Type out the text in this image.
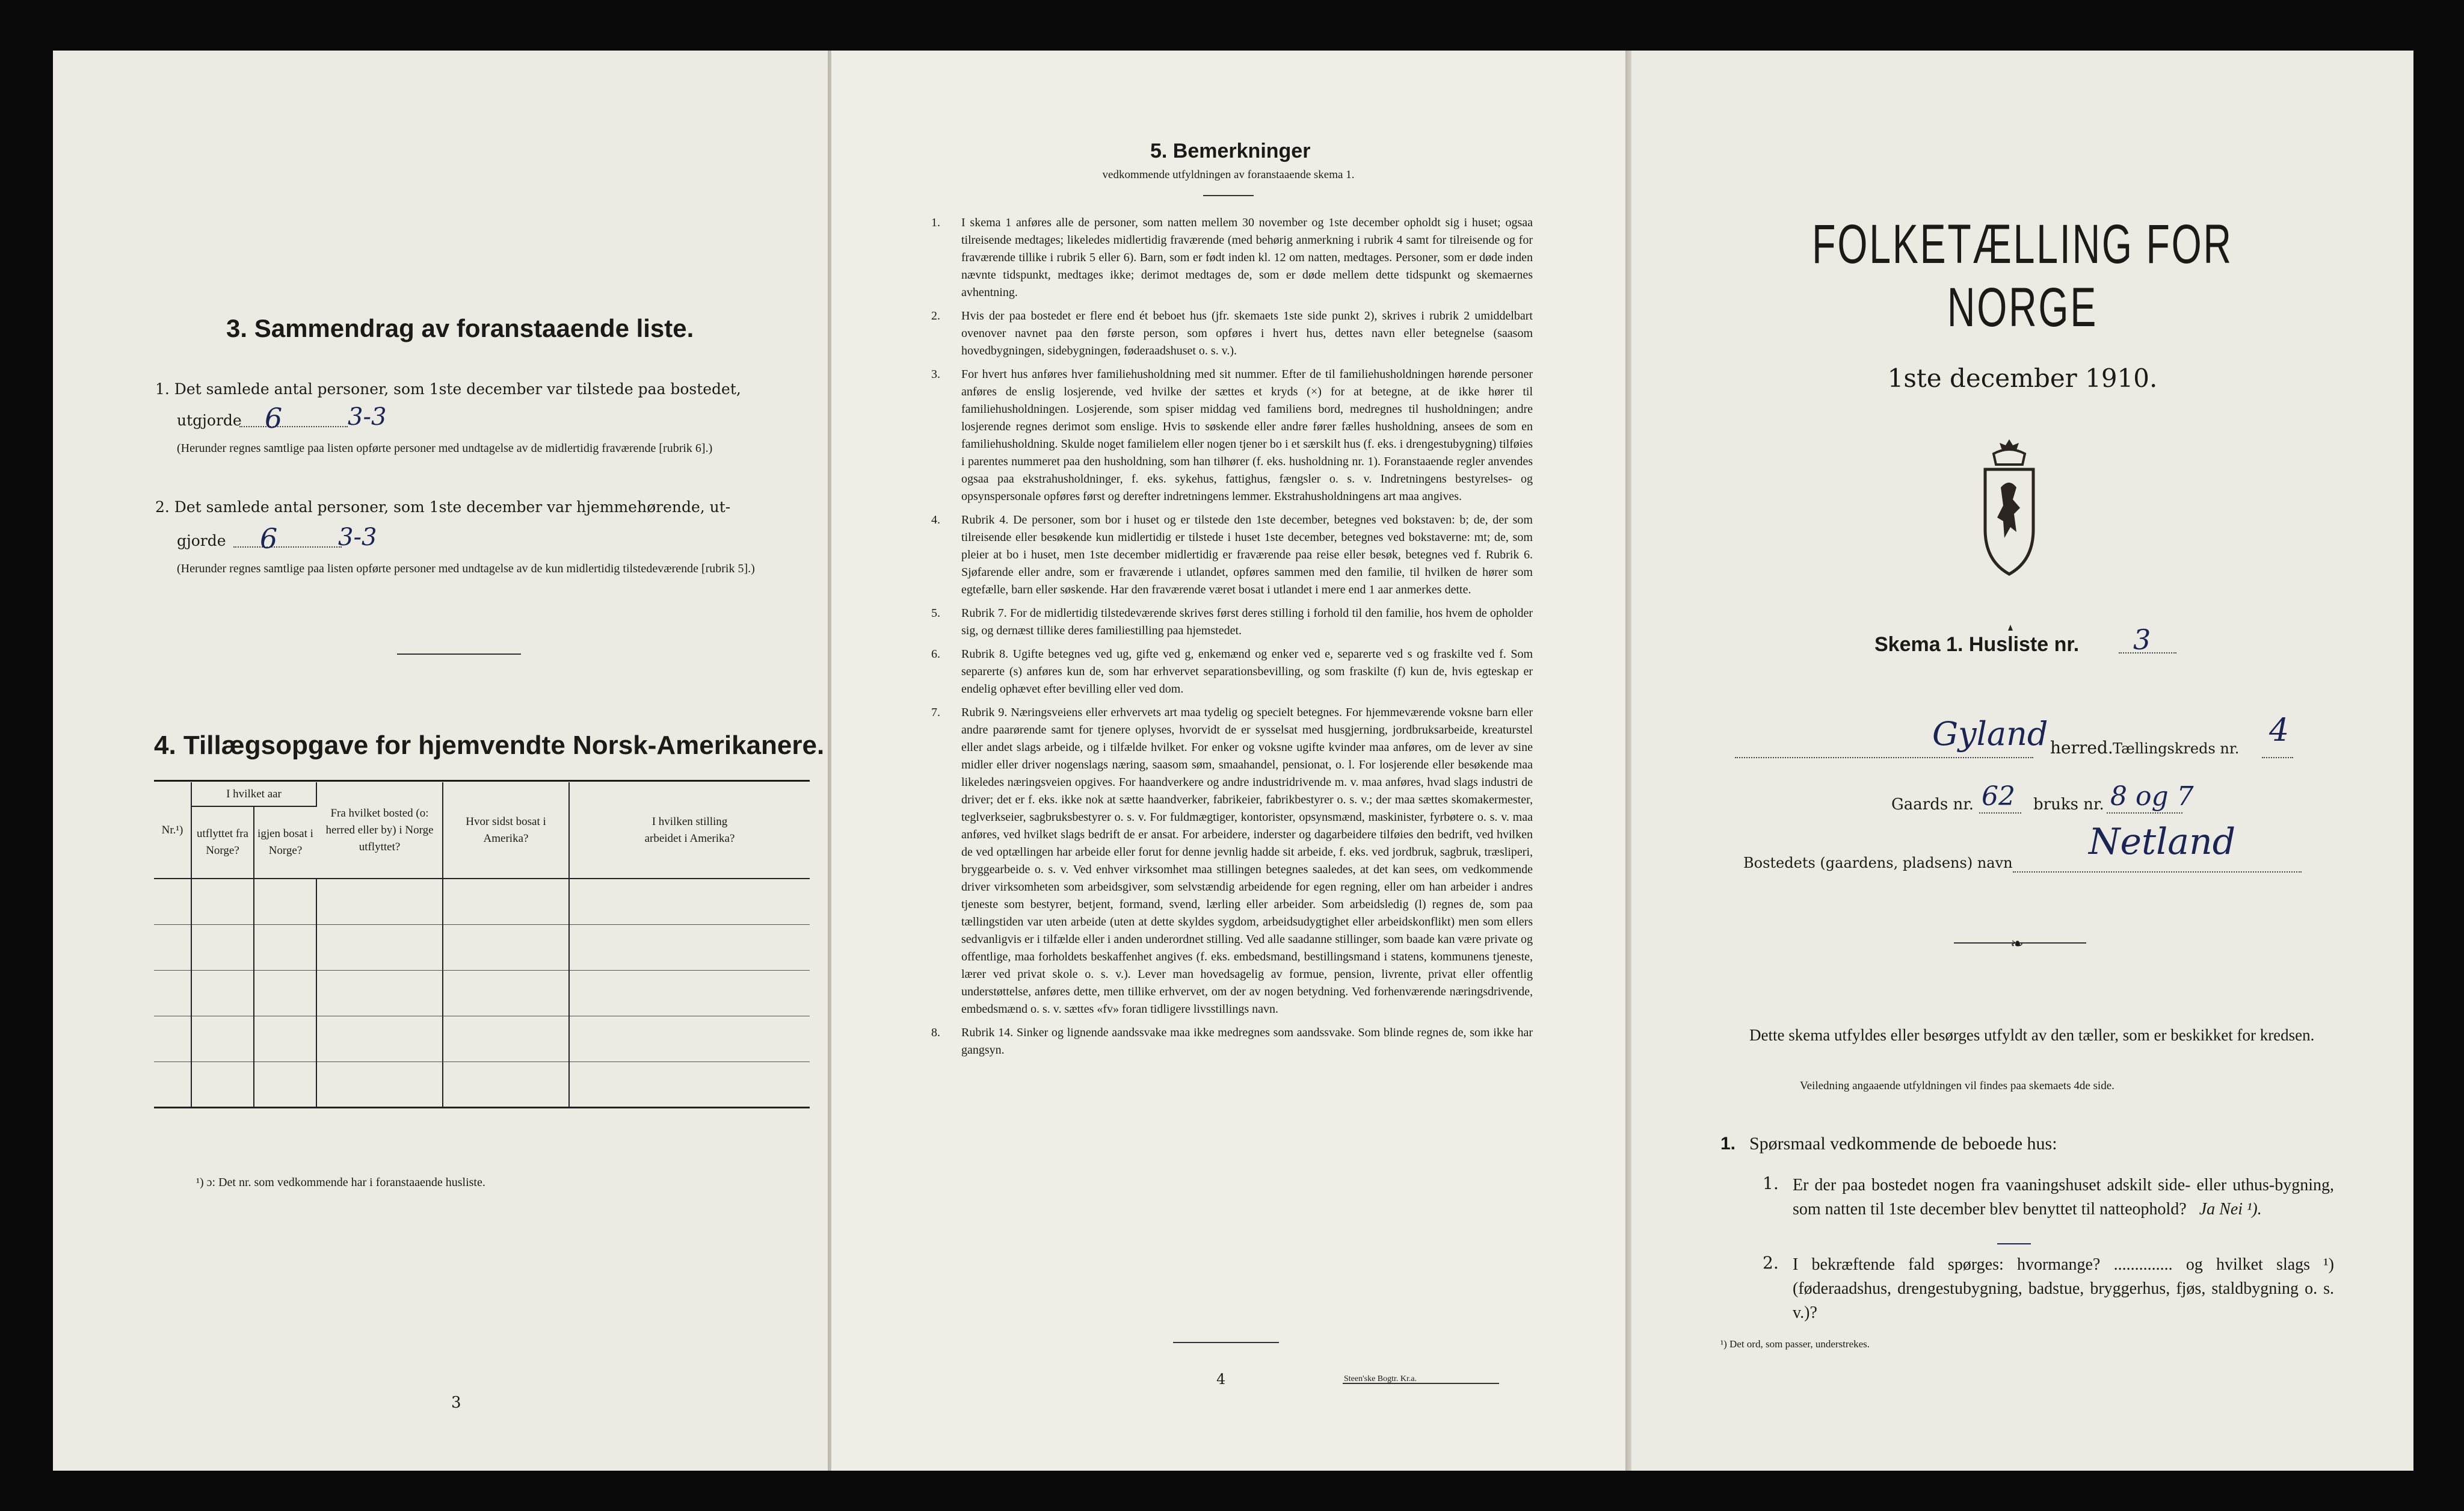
3. Sammendrag av foranstaaende liste.
1. Det samlede antal personer, som 1ste december var tilstede paa bostedet,
utgjorde 6	3-3
(Herunder regnes samtlige paa listen opførte personer med undtagelse av de midlertidig fraværende [rubrik 6].)
2. Det samlede antal personer, som 1ste december var hjemmehørende, ut-
gjorde 6	3-3
(Herunder regnes samtlige paa listen opførte personer med undtagelse av de kun midlertidig tilstedeværende [rubrik 5].)
4. Tillægsopgave for hjemvendte Norsk-Amerikanere.
Nr.¹)	I hvilket aar		Fra hvilket bosted (o: herred eller by) i Norge utflyttet?	Hvor sidst bosat i Amerika?	I hvilken stilling arbeidet i Amerika?
	utflyttet fra Norge?	igjen bosat i Norge?			

¹) ɔ: Det nr. som vedkommende har i foranstaaende husliste.
3
5. Bemerkninger
vedkommende utfyldningen av foranstaaende skema 1.
1. I skema 1 anføres alle de personer, som natten mellem 30 november og 1ste december opholdt sig i huset; ogsaa tilreisende medtages; likeledes midlertidig fraværende (med behørig anmerkning i rubrik 4 samt for tilreisende og for fraværende tillike i rubrik 5 eller 6). Barn, som er født inden kl. 12 om natten, medtages. Personer, som er døde inden nævnte tidspunkt, medtages ikke; derimot medtages de, som er døde mellem dette tidspunkt og skemaernes avhentning.

2. Hvis der paa bostedet er flere end ét beboet hus (jfr. skemaets 1ste side punkt 2), skrives i rubrik 2 umiddelbart ovenover navnet paa den første person, som opføres i hvert hus, dettes navn eller betegnelse (saasom hovedbygningen, sidebygningen, føderaadshuset o. s. v.).

3. For hvert hus anføres hver familiehusholdning med sit nummer. Efter de til familiehusholdningen hørende personer anføres de enslig losjerende, ved hvilke der sættes et kryds (×) for at betegne, at de ikke hører til familiehusholdningen. Losjerende, som spiser middag ved familiens bord, medregnes til husholdningen; andre losjerende regnes derimot som enslige. Hvis to søskende eller andre fører fælles husholdning, ansees de som en familiehusholdning. Skulde noget familielem eller nogen tjener bo i et særskilt hus (f. eks. i drengestubygning) tilføies i parentes nummeret paa den husholdning, som han tilhører (f. eks. husholdning nr. 1). Foranstaaende regler anvendes ogsaa paa ekstrahusholdninger, f. eks. sykehus, fattighus, fængsler o. s. v. Indretningens bestyrelses- og opsynspersonale opføres først og derefter indretningens lemmer. Ekstrahusholdningens art maa angives.

4. Rubrik 4. De personer, som bor i huset og er tilstede den 1ste december, betegnes ved bokstaven: b; de, der som tilreisende eller besøkende kun midlertidig er tilstede i huset 1ste december, betegnes ved bokstaverne: mt; de, som pleier at bo i huset, men 1ste december midlertidig er fraværende paa reise eller besøk, betegnes ved f. Rubrik 6. Sjøfarende eller andre, som er fraværende i utlandet, opføres sammen med den familie, til hvilken de hører som egtefælle, barn eller søskende. Har den fraværende været bosat i utlandet i mere end 1 aar anmerkes dette.

5. Rubrik 7. For de midlertidig tilstedeværende skrives først deres stilling i forhold til den familie, hos hvem de opholder sig, og dernæst tillike deres familiestilling paa hjemstedet.

6. Rubrik 8. Ugifte betegnes ved ug, gifte ved g, enkemænd og enker ved e, separerte ved s og fraskilte ved f. Som separerte (s) anføres kun de, som har erhvervet separationsbevilling, og som fraskilte (f) kun de, hvis egteskap er endelig ophævet efter bevilling eller ved dom.

7. Rubrik 9. Næringsveiens eller erhvervets art maa tydelig og specielt betegnes. For hjemmeværende voksne barn eller andre paarørende samt for tjenere oplyses, hvorvidt de er sysselsat med husgjerning, jordbruksarbeide, kreaturstel eller andet slags arbeide, og i tilfælde hvilket. For enker og voksne ugifte kvinder maa anføres, om de lever av sine midler eller driver nogenslags næring, saasom søm, smaahandel, pensionat, o. l. For losjerende eller besøkende maa likeledes næringsveien opgives. For haandverkere og andre industridrivende m. v. maa anføres, hvad slags industri de driver; det er f. eks. ikke nok at sætte haandverker, fabrikeier, fabrikbestyrer o. s. v.; der maa sættes skomakermester, teglverkseier, sagbruksbestyrer o. s. v. For fuldmægtiger, kontorister, opsynsmænd, maskinister, fyrbøtere o. s. v. maa anføres, ved hvilket slags bedrift de er ansat. For arbeidere, inderster og dagarbeidere tilføies den bedrift, ved hvilken de ved optællingen har arbeide eller forut for denne jevnlig hadde sit arbeide, f. eks. ved jordbruk, sagbruk, træsliperi, bryggearbeide o. s. v. Ved enhver virksomhet maa stillingen betegnes saaledes, at det kan sees, om vedkommende driver virksomheten som arbeidsgiver, som selvstændig arbeidende for egen regning, eller om han arbeider i andres tjeneste som bestyrer, betjent, formand, svend, lærling eller arbeider. Som arbeidsledig (l) regnes de, som paa tællingstiden var uten arbeide (uten at dette skyldes sygdom, arbeidsudygtighet eller arbeidskonflikt) men som ellers sedvanligvis er i tilfælde eller i anden underordnet stilling. Ved alle saadanne stillinger, som baade kan være private og offentlige, maa forholdets beskaffenhet angives (f. eks. embedsmand, bestillingsmand i statens, kommunens tjeneste, lærer ved privat skole o. s. v.). Lever man hovedsagelig av formue, pension, livrente, privat eller offentlig understøttelse, anføres dette, men tillike erhvervet, om der av nogen betydning. Ved forhenværende næringsdrivende, embedsmænd o. s. v. sættes «fv» foran tidligere livsstillings navn.

8. Rubrik 14. Sinker og lignende aandssvake maa ikke medregnes som aandssvake. Som blinde regnes de, som ikke har gangsyn.

4	Steen'ske Bogtr. Kr.a.
FOLKETÆLLING FOR NORGE
1ste december 1910.
Skema 1. Husliste nr. 3
Gyland herred. Tællingskreds nr. 4
Gaards nr. 62 bruks nr. 8 og 7
Bostedets (gaardens, pladsens) navn Netland
❧
Dette skema utfyldes eller besørges utfyldt av den tæller, som er beskikket for kredsen.
Veiledning angaaende utfyldningen vil findes paa skemaets 4de side.
1. Spørsmaal vedkommende de beboede hus:
1. Er der paa bostedet nogen fra vaaningshuset adskilt side- eller uthus-bygning, som natten til 1ste december blev benyttet til natteophold? Ja Nei ¹).
2. I bekræftende fald spørges: hvormange? .............. og hvilket slags ¹) (føderaadshus, drengestubygning, badstue, bryggerhus, fjøs, staldbygning o. s. v.)?
¹) Det ord, som passer, understrekes.
